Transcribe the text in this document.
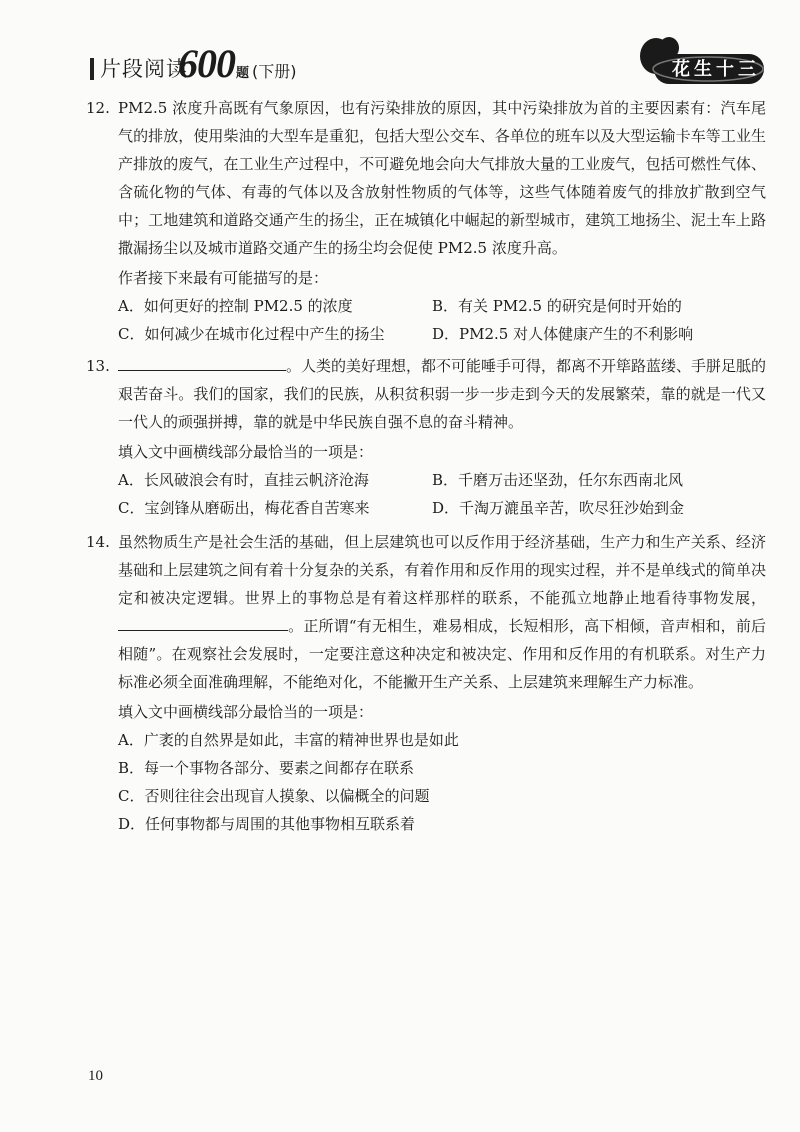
片段阅读
600 题 (下册)	花生十三
12. PM2.5 浓度升高既有气象原因，也有污染排放的原因，其中污染排放为首的主要因素有：汽车尾气的排放，使用柴油的大型车是重犯，包括大型公交车、各单位的班车以及大型运输卡车等工业生产排放的废气，在工业生产过程中，不可避免地会向大气排放大量的工业废气，包括可燃性气体、含硫化物的气体、有毒的气体以及含放射性物质的气体等，这些气体随着废气的排放扩散到空气中；工地建筑和道路交通产生的扬尘，正在城镇化中崛起的新型城市，建筑工地扬尘、泥土车上路撒漏扬尘以及城市道路交通产生的扬尘均会促使 PM2.5 浓度升高。
作者接下来最有可能描写的是：
A．如何更好的控制 PM2.5 的浓度	B．有关 PM2.5 的研究是何时开始的
C．如何减少在城市化过程中产生的扬尘	D．PM2.5 对人体健康产生的不利影响
13.	。人类的美好理想，都不可能唾手可得，都离不开筚路蓝缕、手胼足胝的艰苦奋斗。我们的国家，我们的民族，从积贫积弱一步一步走到今天的发展繁荣，靠的就是一代又一代人的顽强拼搏，靠的就是中华民族自强不息的奋斗精神。
填入文中画横线部分最恰当的一项是：
A．长风破浪会有时，直挂云帆济沧海	B．千磨万击还坚劲，任尔东西南北风
C．宝剑锋从磨砺出，梅花香自苦寒来	D．千淘万漉虽辛苦，吹尽狂沙始到金
14. 虽然物质生产是社会生活的基础，但上层建筑也可以反作用于经济基础，生产力和生产关系、经济基础和上层建筑之间有着十分复杂的关系，有着作用和反作用的现实过程，并不是单线式的简单决定和被决定逻辑。世界上的事物总是有着这样那样的联系，不能孤立地静止地看待事物发展，。正所谓“有无相生，难易相成，长短相形，高下相倾，音声相和，前后相随”。在观察社会发展时，一定要注意这种决定和被决定、作用和反作用的有机联系。对生产力标准必须全面准确理解，不能绝对化，不能撇开生产关系、上层建筑来理解生产力标准。
填入文中画横线部分最恰当的一项是：
A．广袤的自然界是如此，丰富的精神世界也是如此
B．每一个事物各部分、要素之间都存在联系
C．否则往往会出现盲人摸象、以偏概全的问题
D．任何事物都与周围的其他事物相互联系着
10
